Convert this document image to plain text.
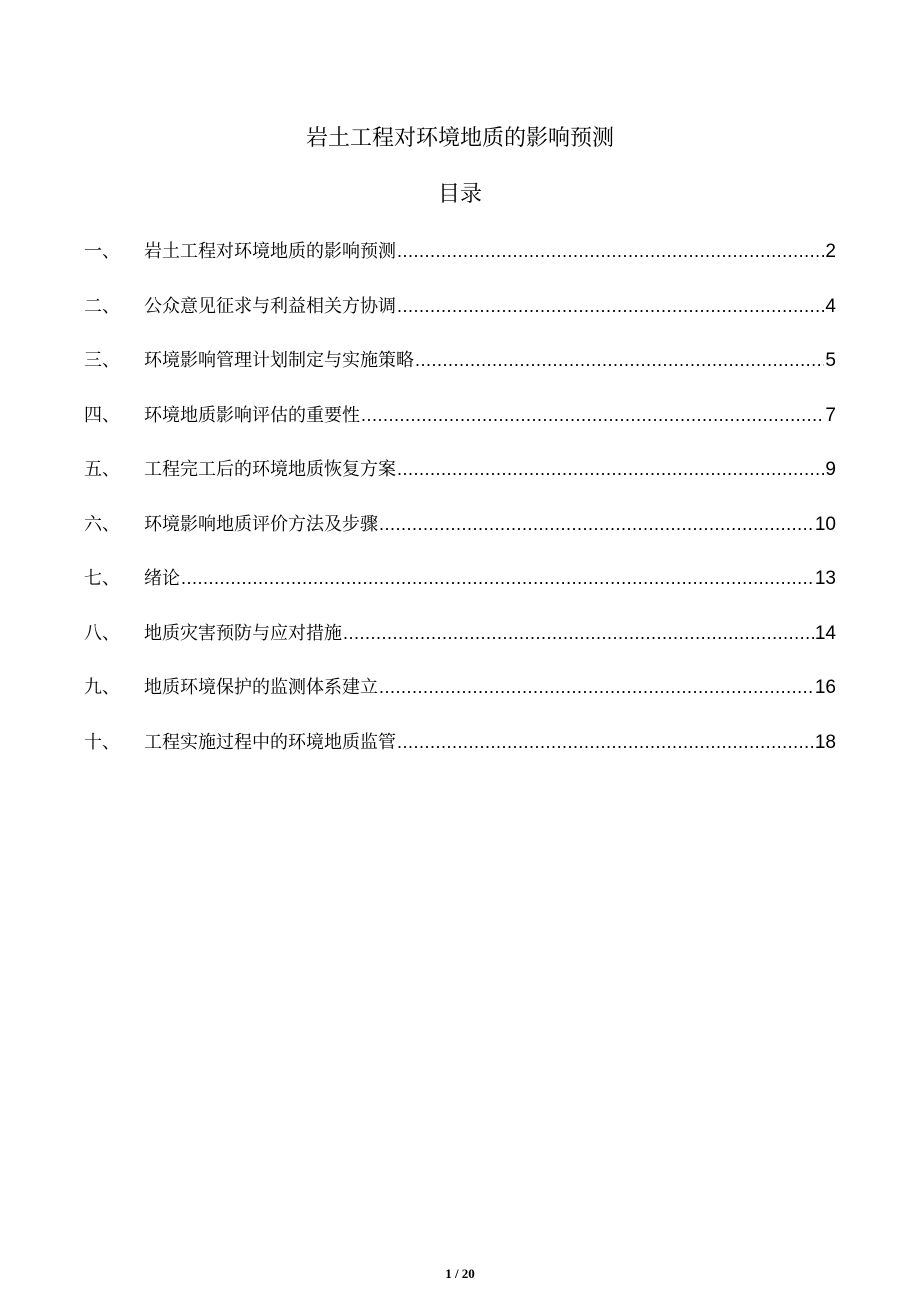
岩土工程对环境地质的影响预测
目录
一、	岩土工程对环境地质的影响预测 .....	2
二、	公众意见征求与利益相关方协调 .....	4
三、	环境影响管理计划制定与实施策略 .....	5
四、	环境地质影响评估的重要性 .....	7
五、	工程完工后的环境地质恢复方案 .....	9
六、	环境影响地质评价方法及步骤 .....	10
七、	绪论 .....	13
八、	地质灾害预防与应对措施 .....	14
九、	地质环境保护的监测体系建立 .....	16
十、	工程实施过程中的环境地质监管 .....	18
1 / 20
